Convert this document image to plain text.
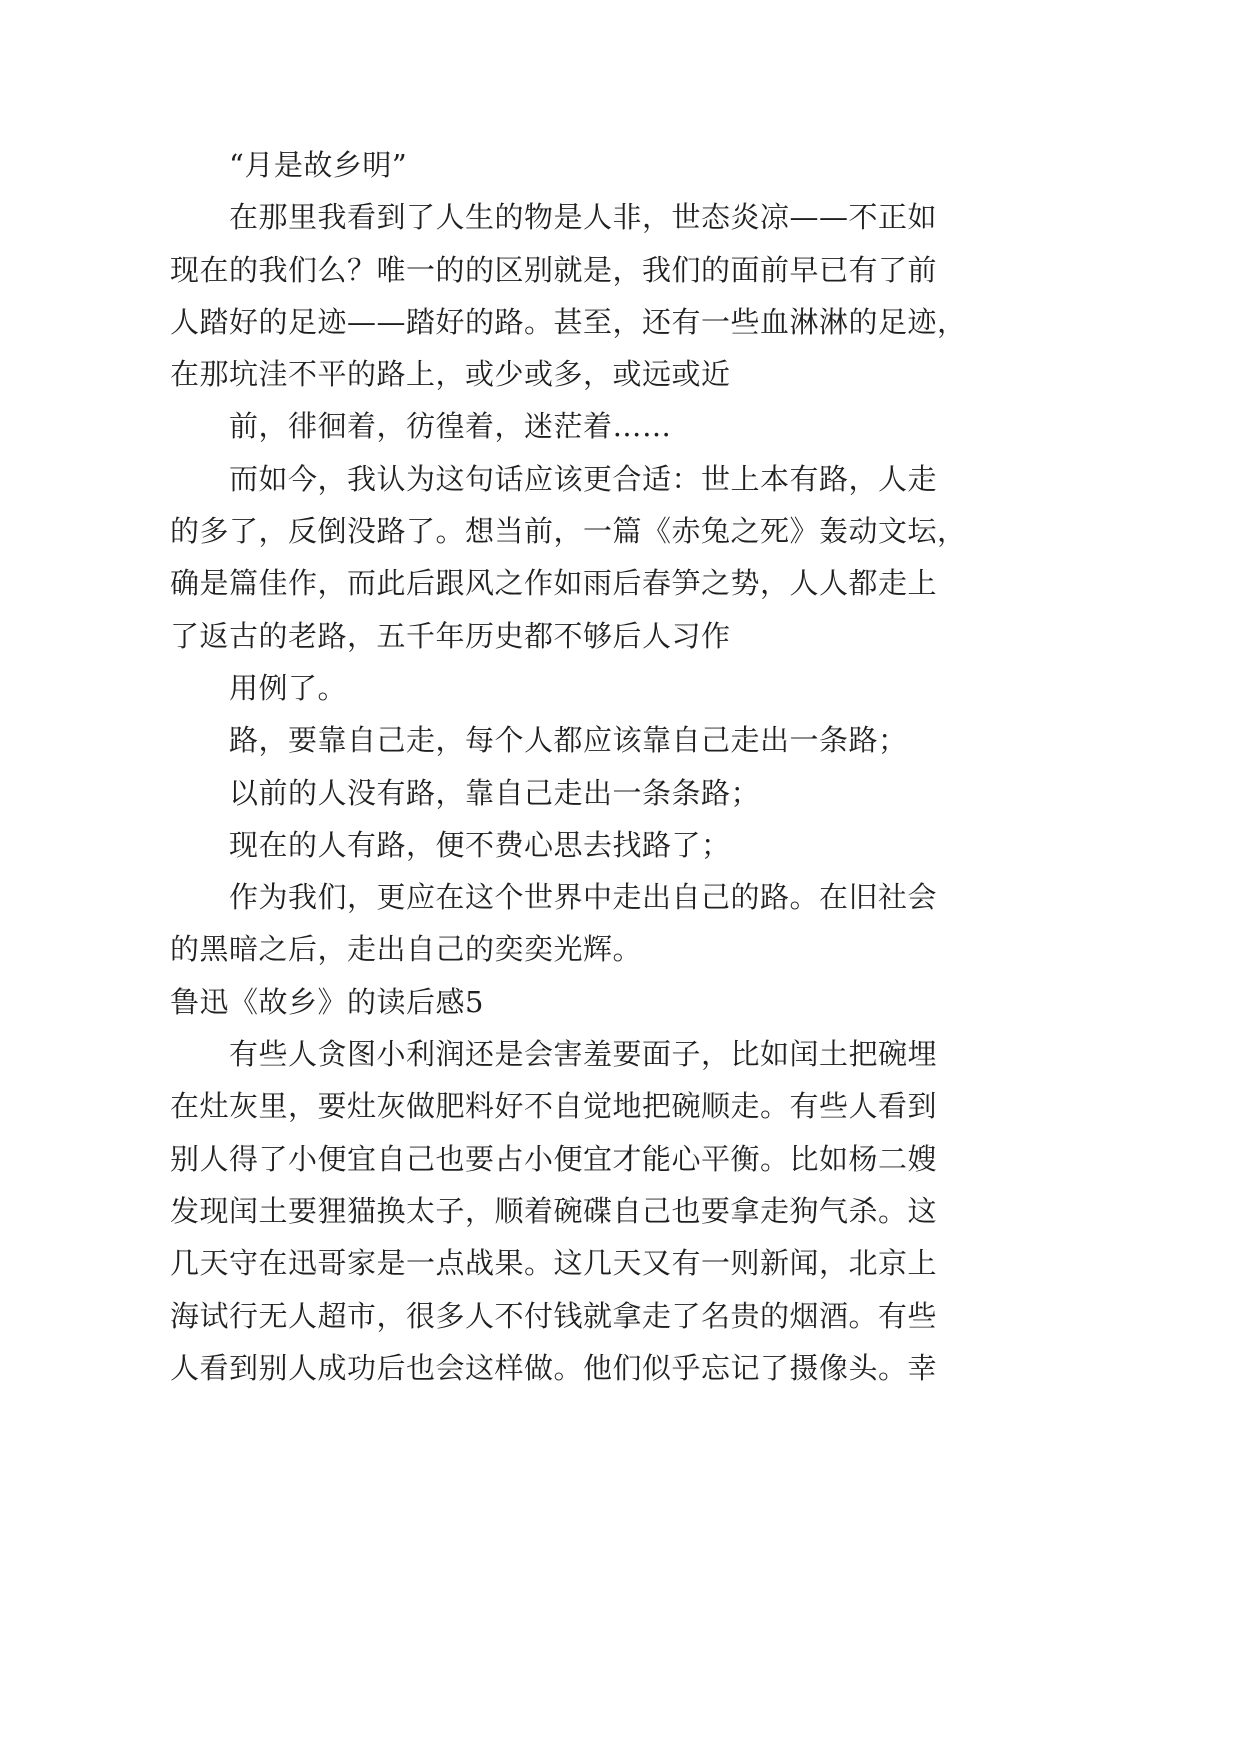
“月是故乡明”
在那里我看到了人生的物是人非，世态炎凉——不正如
现在的我们么？唯一的的区别就是，我们的面前早已有了前
人踏好的足迹——踏好的路。甚至，还有一些血淋淋的足迹，
在那坑洼不平的路上，或少或多，或远或近
前，徘徊着，彷徨着，迷茫着……
而如今，我认为这句话应该更合适：世上本有路，人走
的多了，反倒没路了。想当前，一篇《赤兔之死》轰动文坛，
确是篇佳作，而此后跟风之作如雨后春笋之势，人人都走上
了返古的老路，五千年历史都不够后人习作
用例了。
路，要靠自己走，每个人都应该靠自己走出一条路；
以前的人没有路，靠自己走出一条条路；
现在的人有路，便不费心思去找路了；
作为我们，更应在这个世界中走出自己的路。在旧社会
的黑暗之后，走出自己的奕奕光辉。
鲁迅《故乡》的读后感5
有些人贪图小利润还是会害羞要面子，比如闰土把碗埋
在灶灰里，要灶灰做肥料好不自觉地把碗顺走。有些人看到
别人得了小便宜自己也要占小便宜才能心平衡。比如杨二嫂
发现闰土要狸猫换太子，顺着碗碟自己也要拿走狗气杀。这
几天守在迅哥家是一点战果。这几天又有一则新闻，北京上
海试行无人超市，很多人不付钱就拿走了名贵的烟酒。有些
人看到别人成功后也会这样做。他们似乎忘记了摄像头。幸
